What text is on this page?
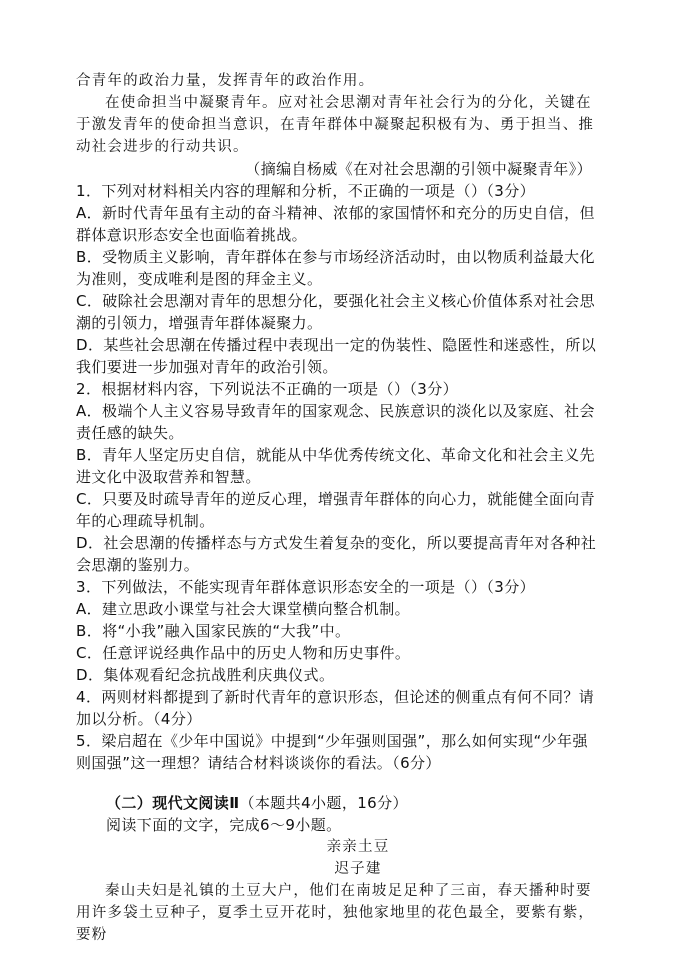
合青年的政治力量，发挥青年的政治作用。

在使命担当中凝聚青年。应对社会思潮对青年社会行为的分化，关键在于激发青年的使命担当意识，在青年群体中凝聚起积极有为、勇于担当、推动社会进步的行动共识。

（摘编自杨威《在对社会思潮的引领中凝聚青年》）

1．下列对材料相关内容的理解和分析，不正确的一项是（）（3分）

A．新时代青年虽有主动的奋斗精神、浓郁的家国情怀和充分的历史自信，但群体意识形态安全也面临着挑战。

B．受物质主义影响，青年群体在参与市场经济活动时，由以物质利益最大化为准则，变成唯利是图的拜金主义。

C．破除社会思潮对青年的思想分化，要强化社会主义核心价值体系对社会思潮的引领力，增强青年群体凝聚力。

D．某些社会思潮在传播过程中表现出一定的伪装性、隐匿性和迷惑性，所以我们要进一步加强对青年的政治引领。

2．根据材料内容，下列说法不正确的一项是（）（3分）

A．极端个人主义容易导致青年的国家观念、民族意识的淡化以及家庭、社会责任感的缺失。

B．青年人坚定历史自信，就能从中华优秀传统文化、革命文化和社会主义先进文化中汲取营养和智慧。

C．只要及时疏导青年的逆反心理，增强青年群体的向心力，就能健全面向青年的心理疏导机制。

D．社会思潮的传播样态与方式发生着复杂的变化，所以要提高青年对各种社会思潮的鉴别力。

3．下列做法，不能实现青年群体意识形态安全的一项是（）（3分）

A．建立思政小课堂与社会大课堂横向整合机制。

B．将“小我”融入国家民族的“大我”中。

C．任意评说经典作品中的历史人物和历史事件。

D．集体观看纪念抗战胜利庆典仪式。

4．两则材料都提到了新时代青年的意识形态，但论述的侧重点有何不同？请加以分析。（4分）

5．梁启超在《少年中国说》中提到“少年强则国强”，那么如何实现“少年强则国强”这一理想？请结合材料谈谈你的看法。（6分）

（二）现代文阅读Ⅱ（本题共4小题，16分）

阅读下面的文字，完成6～9小题。

亲亲土豆

迟子建

秦山夫妇是礼镇的土豆大户，他们在南坡足足种了三亩，春天播种时要用许多袋土豆种子，夏季土豆开花时，独他家地里的花色最全，要紫有紫，要粉
